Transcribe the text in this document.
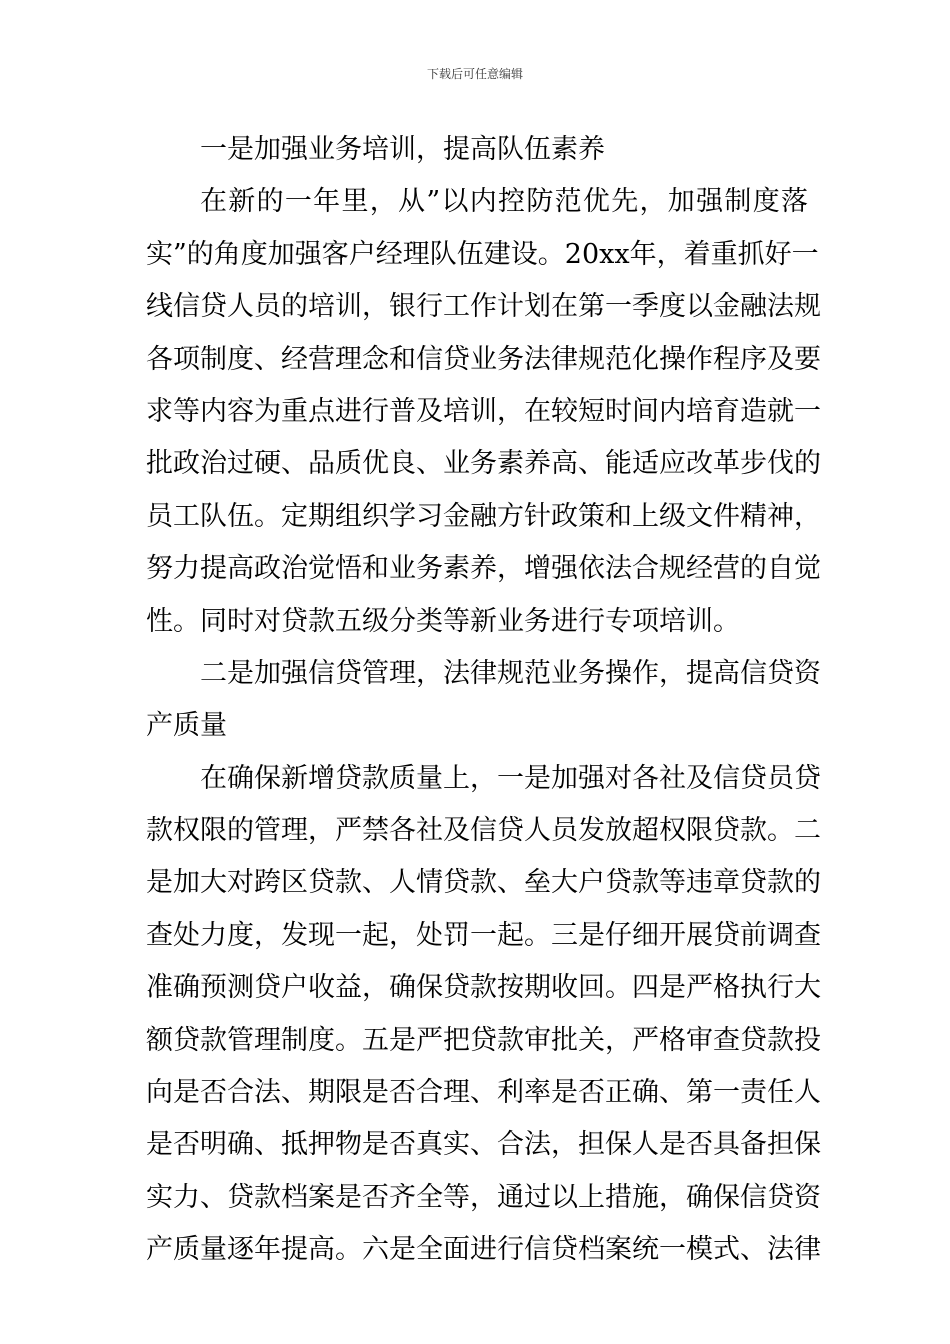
下载后可任意编辑
一是加强业务培训，提高队伍素养
在新的一年里，从”以内控防范优先，加强制度落
实”的角度加强客户经理队伍建设。20xx年，着重抓好一
线信贷人员的培训，银行工作计划在第一季度以金融法规
各项制度、经营理念和信贷业务法律规范化操作程序及要
求等内容为重点进行普及培训，在较短时间内培育造就一
批政治过硬、品质优良、业务素养高、能适应改革步伐的
员工队伍。定期组织学习金融方针政策和上级文件精神，
努力提高政治觉悟和业务素养，增强依法合规经营的自觉
性。同时对贷款五级分类等新业务进行专项培训。
二是加强信贷管理，法律规范业务操作，提高信贷资
产质量
在确保新增贷款质量上，一是加强对各社及信贷员贷
款权限的管理，严禁各社及信贷人员发放超权限贷款。二
是加大对跨区贷款、人情贷款、垒大户贷款等违章贷款的
查处力度，发现一起，处罚一起。三是仔细开展贷前调查
准确预测贷户收益，确保贷款按期收回。四是严格执行大
额贷款管理制度。五是严把贷款审批关，严格审查贷款投
向是否合法、期限是否合理、利率是否正确、第一责任人
是否明确、抵押物是否真实、合法，担保人是否具备担保
实力、贷款档案是否齐全等，通过以上措施，确保信贷资
产质量逐年提高。六是全面进行信贷档案统一模式、法律
